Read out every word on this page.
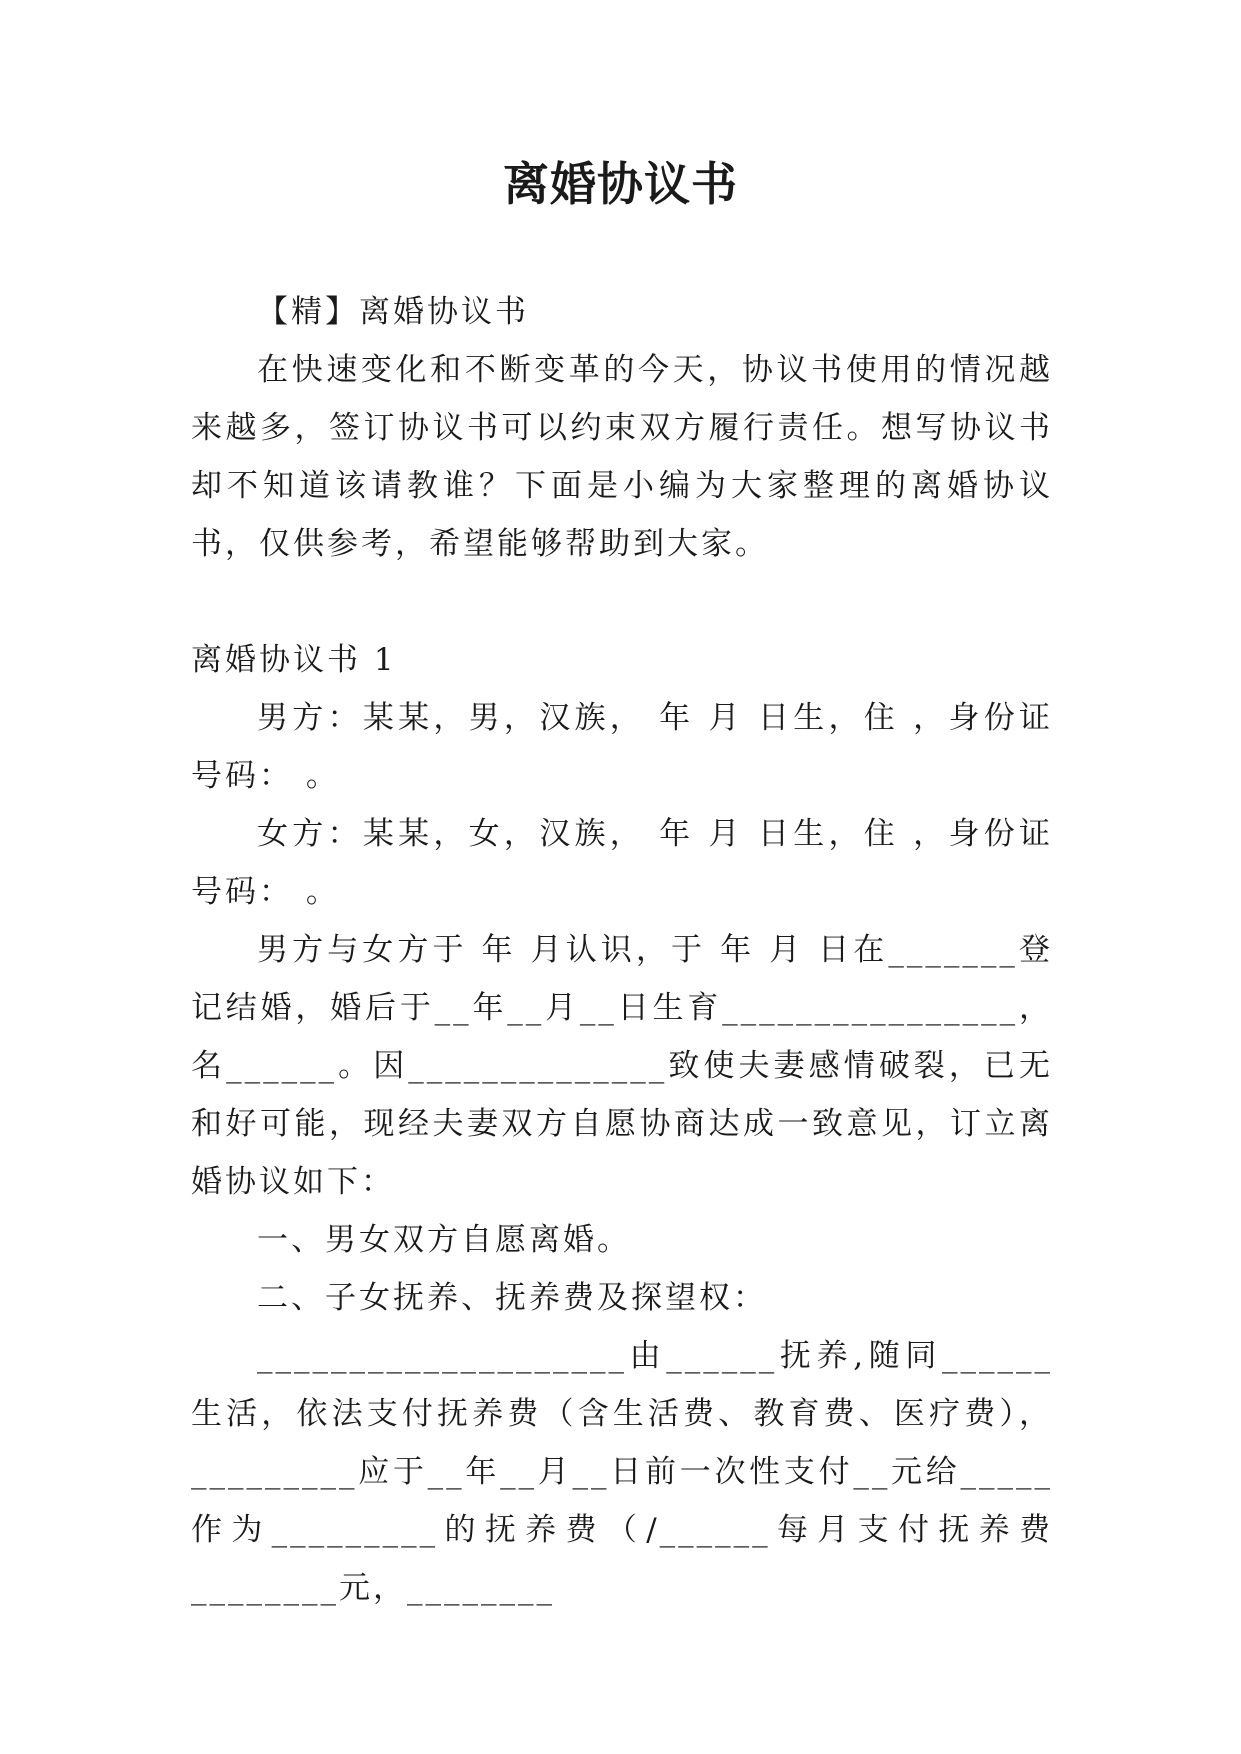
离婚协议书

【精】离婚协议书

在快速变化和不断变革的今天，协议书使用的情况越来越多，签订协议书可以约束双方履行责任。想写协议书却不知道该请教谁？下面是小编为大家整理的离婚协议书，仅供参考，希望能够帮助到大家。

离婚协议书 1

男方：某某，男，汉族， 年 月 日生，住 ，身份证号码： 。

女方：某某，女，汉族， 年 月 日生，住 ，身份证号码： 。

男方与女方于 年 月认识，于 年 月 日在_______登记结婚，婚后于__年__月__日生育________________，名______。因______________致使夫妻感情破裂，已无和好可能，现经夫妻双方自愿协商达成一致意见，订立离婚协议如下：

一、男女双方自愿离婚。

二、子女抚养、抚养费及探望权：

____________________由______抚养,随同______生活，依法支付抚养费（含生活费、教育费、医疗费），_________应于__年__月__日前一次性支付__元给_____作为_________的抚养费（/______每月支付抚养费________元，________
